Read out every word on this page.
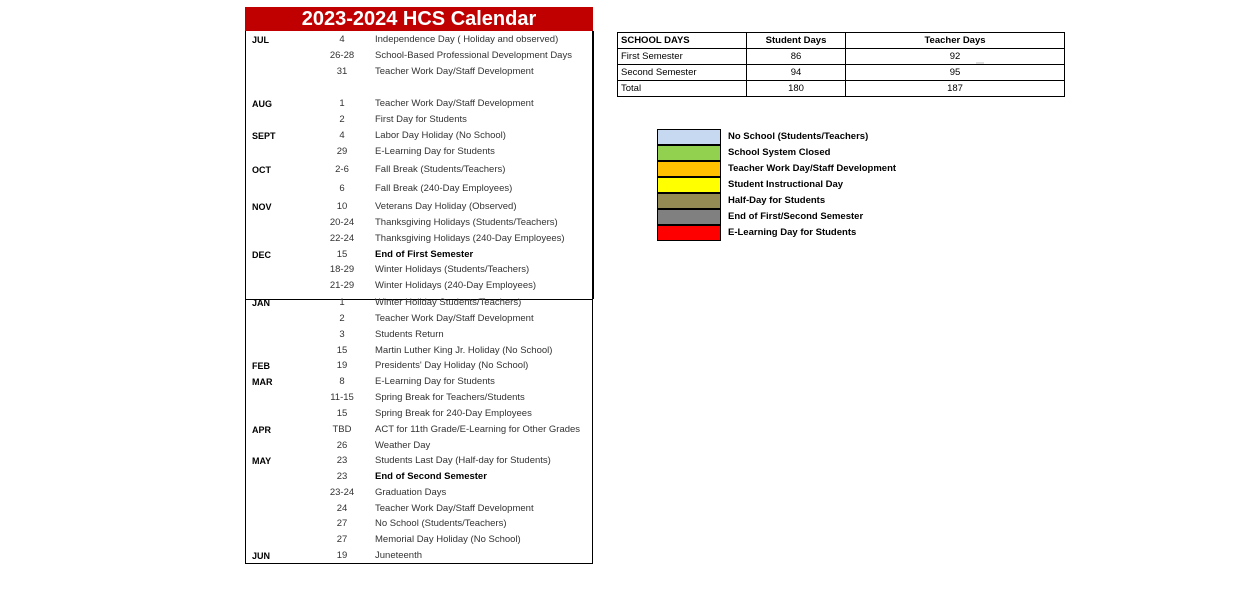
2023-2024 HCS Calendar
JUL	4	Independence Day ( Holiday and observed)
26-28	School-Based Professional Development Days
31	Teacher Work Day/Staff Development
AUG	1	Teacher Work Day/Staff Development
2	First Day for Students
SEPT	4	Labor Day Holiday (No School)
29	E-Learning Day for Students
OCT	2-6	Fall Break (Students/Teachers)
6	Fall Break (240-Day Employees)
NOV	10	Veterans Day Holiday (Observed)
20-24	Thanksgiving Holidays (Students/Teachers)
22-24	Thanksgiving Holidays (240-Day Employees)
DEC	15	End of First Semester
18-29	Winter Holidays (Students/Teachers)
21-29	Winter Holidays (240-Day Employees)
JAN	1	Winter Holiday Students/Teachers)
2	Teacher Work Day/Staff Development
3	Students Return
15	Martin Luther King Jr. Holiday (No School)
FEB	19	Presidents' Day Holiday (No School)
MAR	8	E-Learning Day for Students
11-15	Spring Break for Teachers/Students
15	Spring Break for 240-Day Employees
APR	TBD	ACT for 11th Grade/E-Learning for Other Grades
26	Weather Day
MAY	23	Students Last Day (Half-day for Students)
23	End of Second Semester
23-24	Graduation Days
24	Teacher Work Day/Staff Development
27	No School (Students/Teachers)
27	Memorial Day Holiday (No School)
JUN	19	Juneteenth
SCHOOL DAYS	Student Days	Teacher Days
First Semester	86	92
Second Semester	94	95
Total	180	187
No School (Students/Teachers)
School System Closed
Teacher Work Day/Staff Development
Student Instructional Day
Half-Day for Students
End of First/Second Semester
E-Learning Day for Students
